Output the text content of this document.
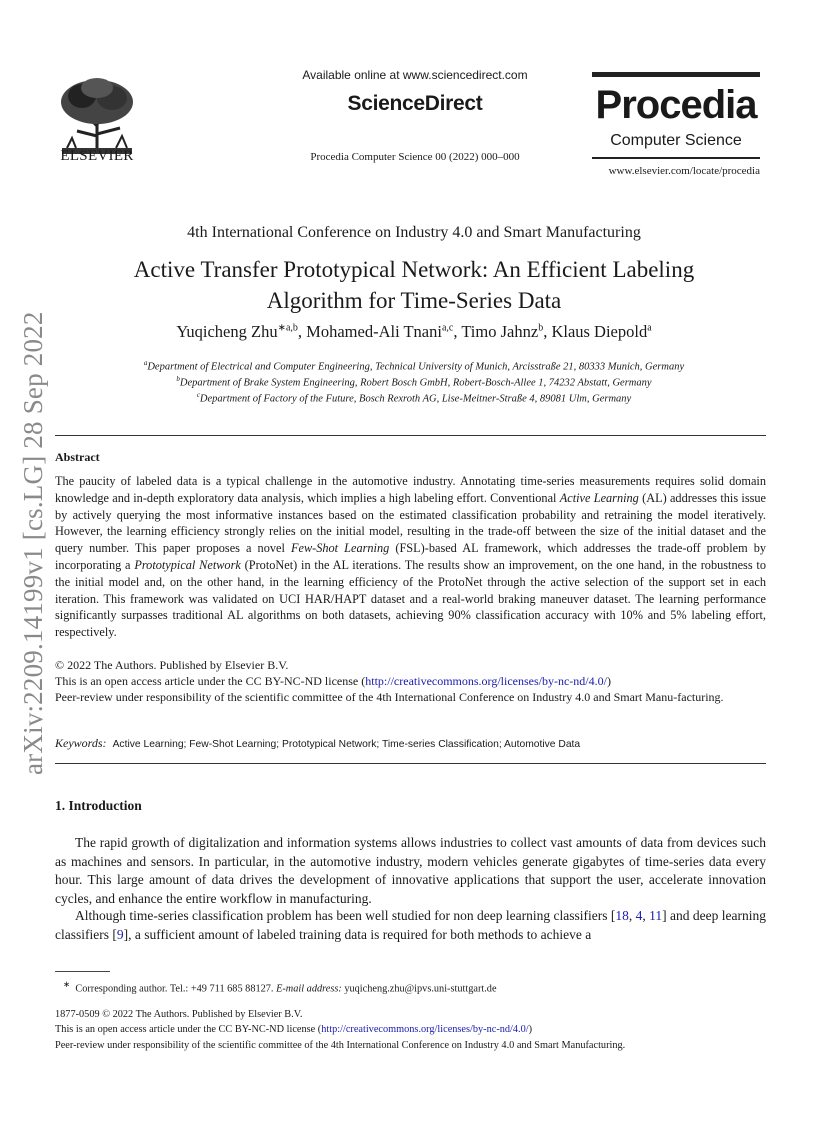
arXiv:2209.14199v1 [cs.LG] 28 Sep 2022
ELSEVIER
Available online at www.sciencedirect.com
ScienceDirect
Procedia Computer Science 00 (2022) 000–000
Procedia
Computer Science
www.elsevier.com/locate/procedia
4th International Conference on Industry 4.0 and Smart Manufacturing
Active Transfer Prototypical Network: An Efficient Labeling
Algorithm for Time-Series Data
Yuqicheng Zhu$^{∗a,b}$, Mohamed-Ali Tnani$^{a,c}$, Timo Jahnz$^b$, Klaus Diepold$^a$
$^a$Department of Electrical and Computer Engineering, Technical University of Munich, Arcisstraße 21, 80333 Munich, Germany
$^b$Department of Brake System Engineering, Robert Bosch GmbH, Robert-Bosch-Allee 1, 74232 Abstatt, Germany
$^c$Department of Factory of the Future, Bosch Rexroth AG, Lise-Meitner-Straße 4, 89081 Ulm, Germany
Abstract
The paucity of labeled data is a typical challenge in the automotive industry. Annotating time-series measurements requires solid domain knowledge and in-depth exploratory data analysis, which implies a high labeling effort. Conventional Active Learning (AL) addresses this issue by actively querying the most informative instances based on the estimated classification probability and retraining the model iteratively. However, the learning efficiency strongly relies on the initial model, resulting in the trade-off between the size of the initial dataset and the query number. This paper proposes a novel Few-Shot Learning (FSL)-based AL framework, which addresses the trade-off problem by incorporating a Prototypical Network (ProtoNet) in the AL iterations. The results show an improvement, on the one hand, in the robustness to the initial model and, on the other hand, in the learning efficiency of the ProtoNet through the active selection of the support set in each iteration. This framework was validated on UCI HAR/HAPT dataset and a real-world braking maneuver dataset. The learning performance significantly surpasses traditional AL algorithms on both datasets, achieving 90% classification accuracy with 10% and 5% labeling effort, respectively.
© 2022 The Authors. Published by Elsevier B.V.
This is an open access article under the CC BY-NC-ND license (http://creativecommons.org/licenses/by-nc-nd/4.0/)
Peer-review under responsibility of the scientific committee of the 4th International Conference on Industry 4.0 and Smart Manu-facturing.
Keywords: Active Learning; Few-Shot Learning; Prototypical Network; Time-series Classification; Automotive Data
1. Introduction
The rapid growth of digitalization and information systems allows industries to collect vast amounts of data from devices such as machines and sensors. In particular, in the automotive industry, modern vehicles generate gigabytes of time-series data every hour. This large amount of data drives the development of innovative applications that support the user, accelerate innovation cycles, and enhance the entire workflow in manufacturing.
Although time-series classification problem has been well studied for non deep learning classifiers [18, 4, 11] and deep learning classifiers [9], a sufficient amount of labeled training data is required for both methods to achieve a
∗ Corresponding author. Tel.: +49 711 685 88127. E-mail address: yuqicheng.zhu@ipvs.uni-stuttgart.de
1877-0509 © 2022 The Authors. Published by Elsevier B.V.
This is an open access article under the CC BY-NC-ND license (http://creativecommons.org/licenses/by-nc-nd/4.0/)
Peer-review under responsibility of the scientific committee of the 4th International Conference on Industry 4.0 and Smart Manufacturing.
